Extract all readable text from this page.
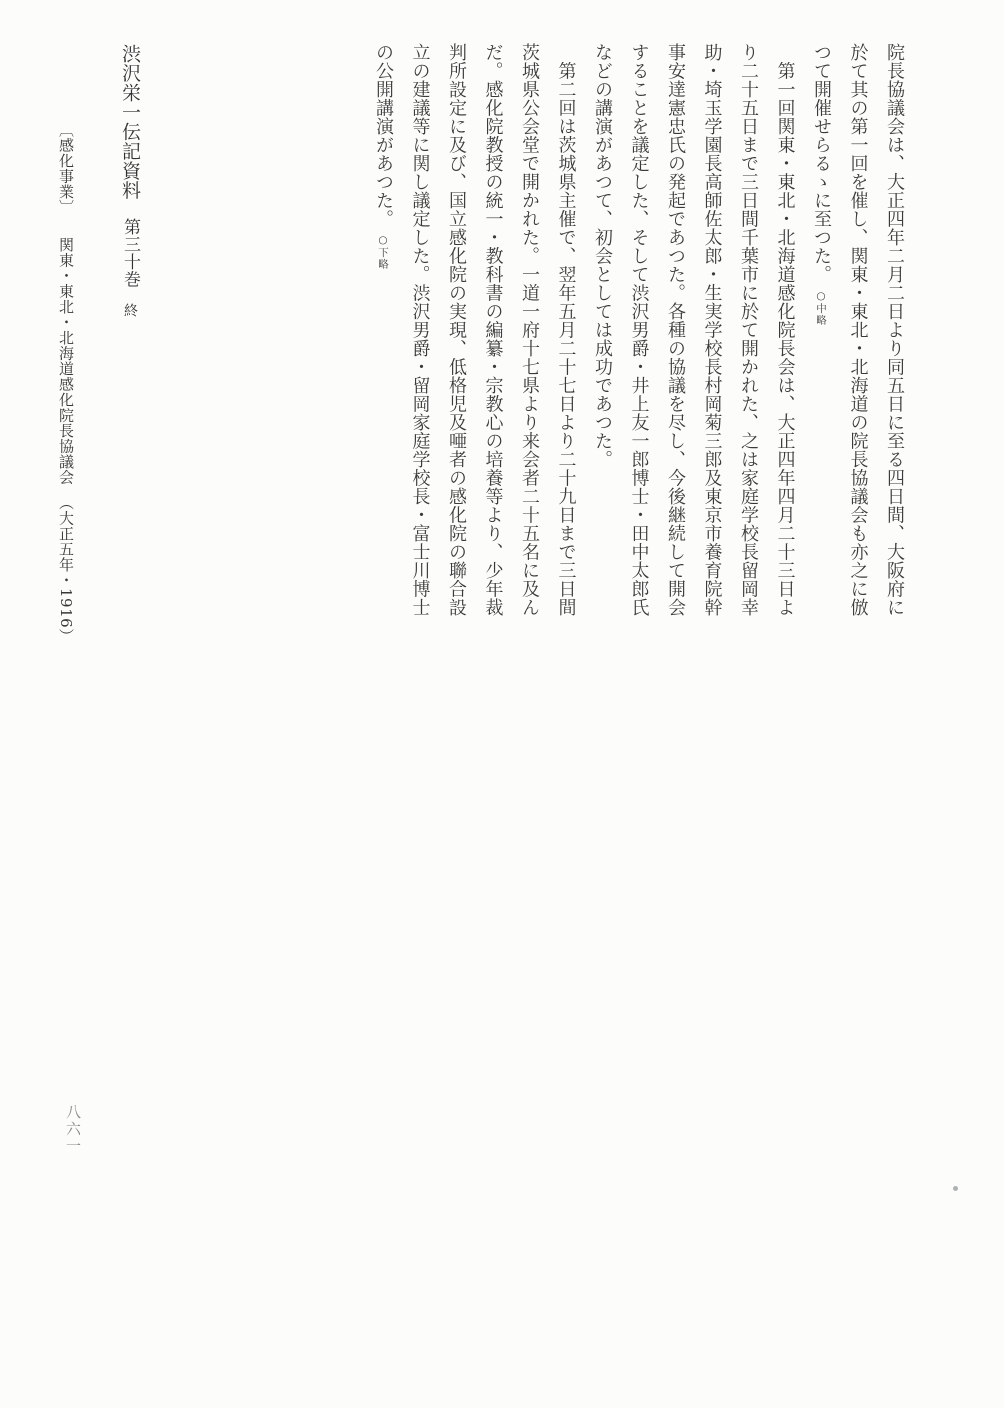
院長協議会は、大正四年二月二日より同五日に至る四日間、大阪府に
於て其の第一回を催し、関東・東北・北海道の院長協議会も亦之に倣
つて開催せらるゝに至つた。○中略
　第一回関東・東北・北海道感化院長会は、大正四年四月二十三日よ
り二十五日まで三日間千葉市に於て開かれた、之は家庭学校長留岡幸
助・埼玉学園長高師佐太郎・生実学校長村岡菊三郎及東京市養育院幹
事安達憲忠氏の発起であつた。各種の協議を尽し、今後継続して開会
することを議定した、そして渋沢男爵・井上友一郎博士・田中太郎氏
などの講演があつて、初会としては成功であつた。
　第二回は茨城県主催で、翌年五月二十七日より二十九日まで三日間
茨城県公会堂で開かれた。一道一府十七県より来会者二十五名に及ん
だ。感化院教授の統一・教科書の編纂・宗教心の培養等より、少年裁
判所設定に及び、国立感化院の実現、低格児及唖者の感化院の聯合設
立の建議等に関し議定した。渋沢男爵・留岡家庭学校長・富士川博士
の公開講演があつた。○下略
渋沢栄一伝記資料第三十巻終
〔感化事業〕関東・東北・北海道感化院長協議会（大正五年・1916）
八六一
